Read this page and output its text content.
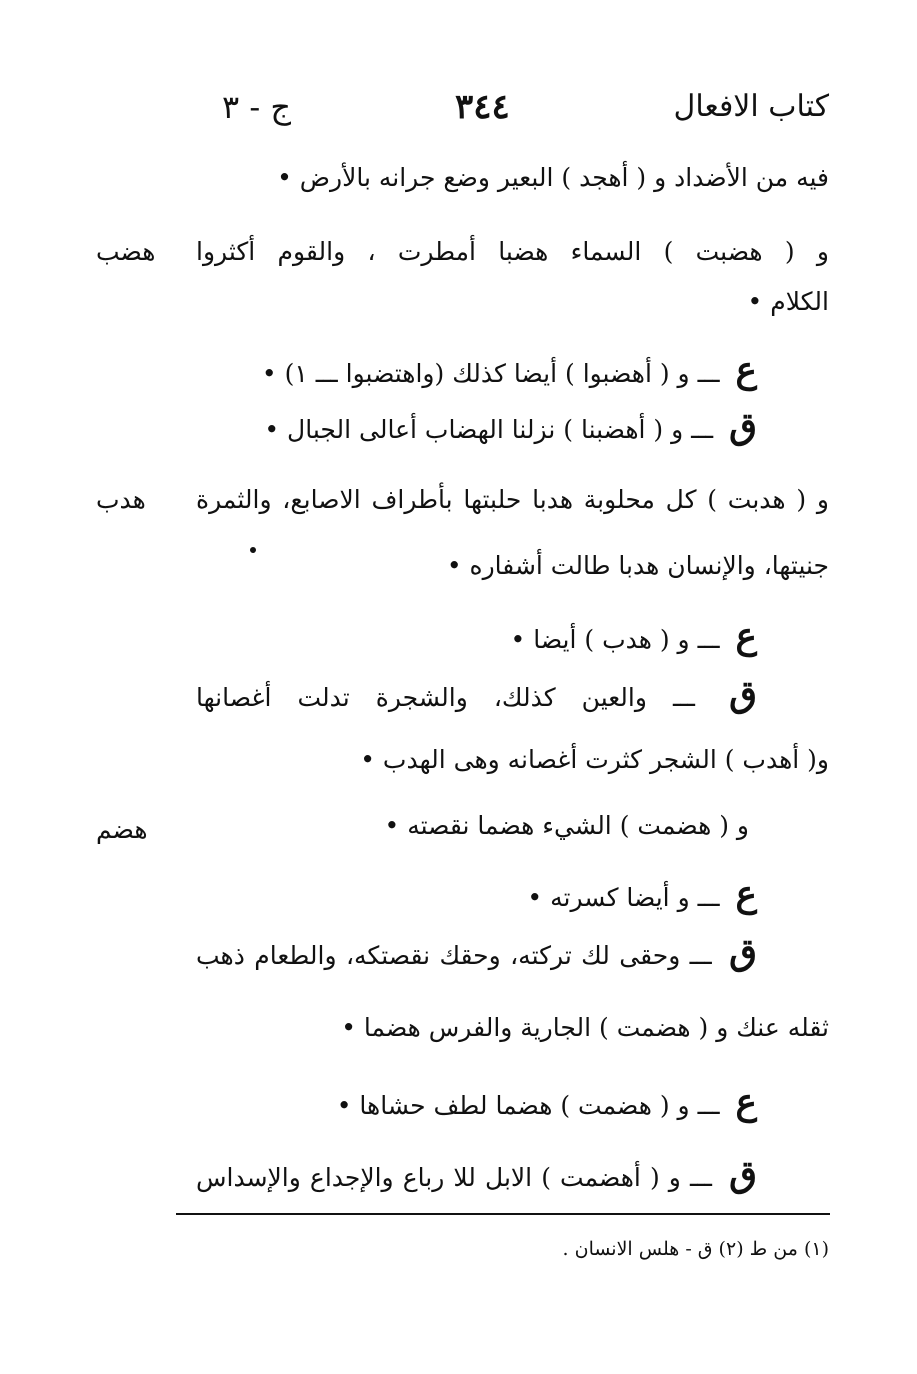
كتاب الافعال
٣٤٤
ج - ٣
فيه من الأضداد و ( أهجد ) البعير وضع جرانه بالأرض •
و ( هضبت ) السماء هضبا أمطرت ، والقوم أكثروا
هضب
الكلام •
ع ـــ و ( أهضبوا ) أيضا كذلك (واهتضبوا ـــ ١) •
ق ـــ و ( أهضبنا ) نزلنا الهضاب أعالى الجبال •
و ( هدبت ) كل محلوبة هدبا حلبتها بأطراف الاصابع، والثمرة
هدب
جنيتها، والإنسان هدبا طالت أشفاره •
ع ـــ و ( هدب ) أيضا •
ق ـــ والعين كذلك، والشجرة تدلت أغصانها
و( أهدب ) الشجر كثرت أغصانه وهى الهدب •
و ( هضمت ) الشيء هضما نقصته •
هضم
ع ـــ و أيضا كسرته •
ق ـــ وحقى لك تركته، وحقك نقصتكه، والطعام ذهب
ثقله عنك و ( هضمت ) الجارية والفرس هضما •
ع ـــ و ( هضمت ) هضما لطف حشاها •
ق ـــ و ( أهضمت ) الابل للا رباع والإجداع والإسداس
(١) من ط (٢) ق - هلس الانسان .
